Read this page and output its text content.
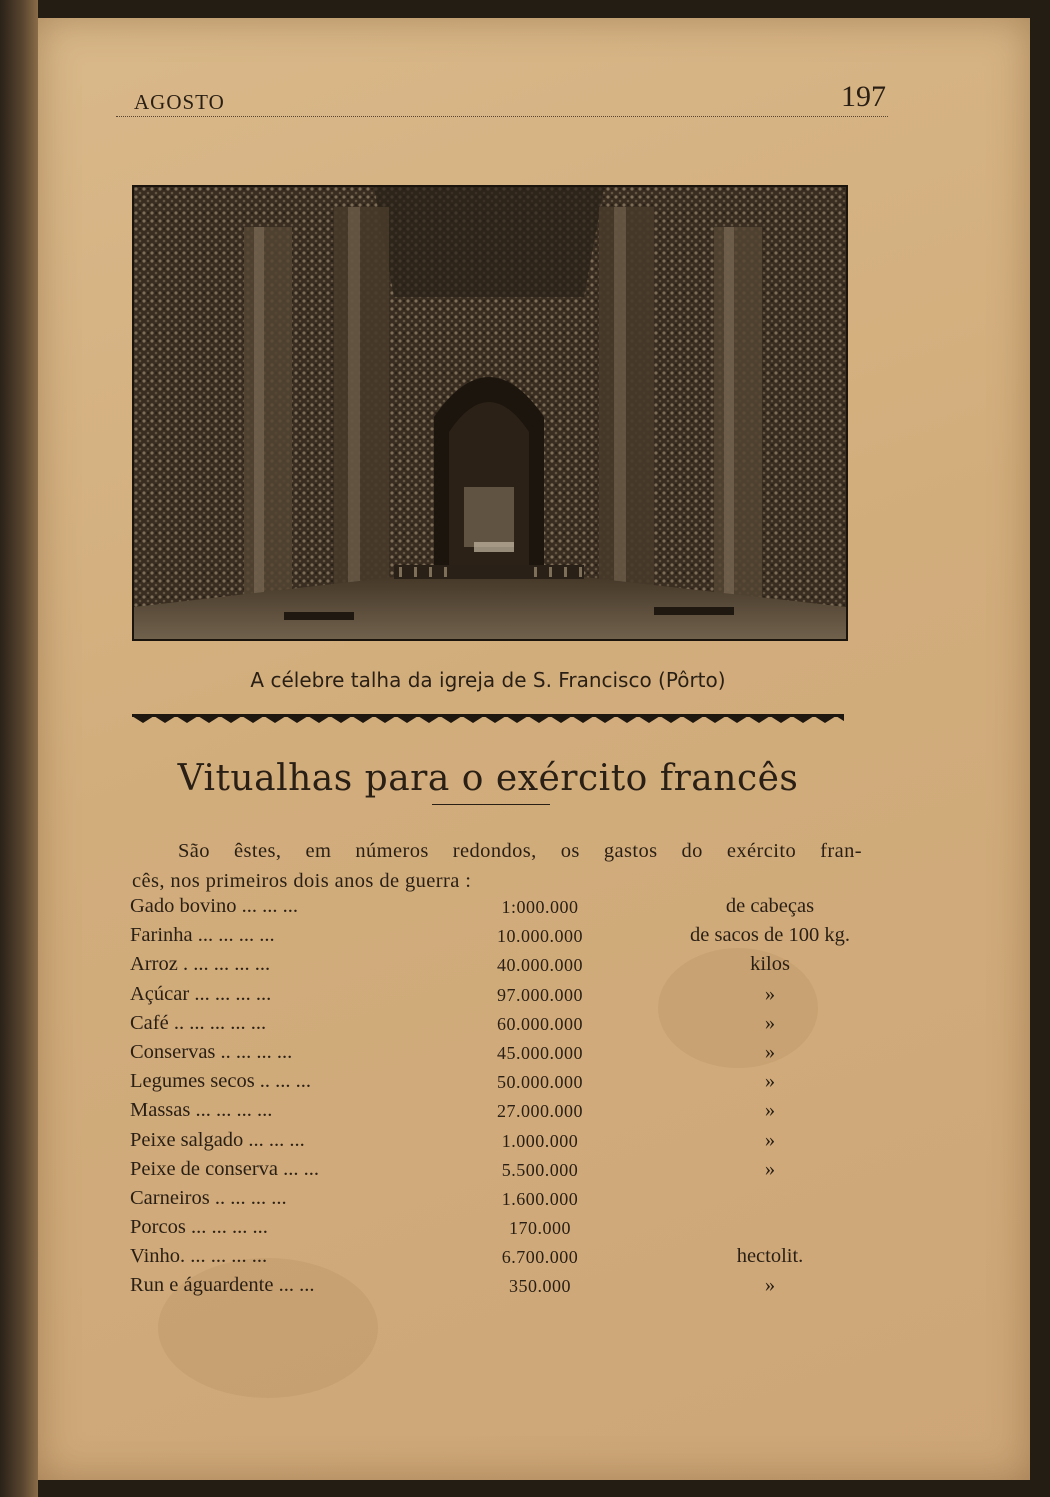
AGOSTO	197
A célebre talha da igreja de S. Francisco (Pôrto)
Vitualhas para o exército francês
São êstes, em números redondos, os gastos do exército fran-
cês, nos primeiros dois anos de guerra :
Gado bovino ... ... ...	1:000.000	de cabeças
Farinha ... ... ... ...	10.000.000	de sacos de 100 kg.
Arroz . ... ... ... ...	40.000.000	kilos
Açúcar ... ... ... ...	97.000.000	»
Café .. ... ... ... ...	60.000.000	»
Conservas .. ... ... ...	45.000.000	»
Legumes secos .. ... ...	50.000.000	»
Massas ... ... ... ...	27.000.000	»
Peixe salgado ... ... ...	1.000.000	»
Peixe de conserva ... ...	5.500.000	»
Carneiros .. ... ... ...	1.600.000
Porcos ... ... ... ...	170.000
Vinho. ... ... ... ...	6.700.000	hectolit.
Run e águardente ... ...	350.000	»
